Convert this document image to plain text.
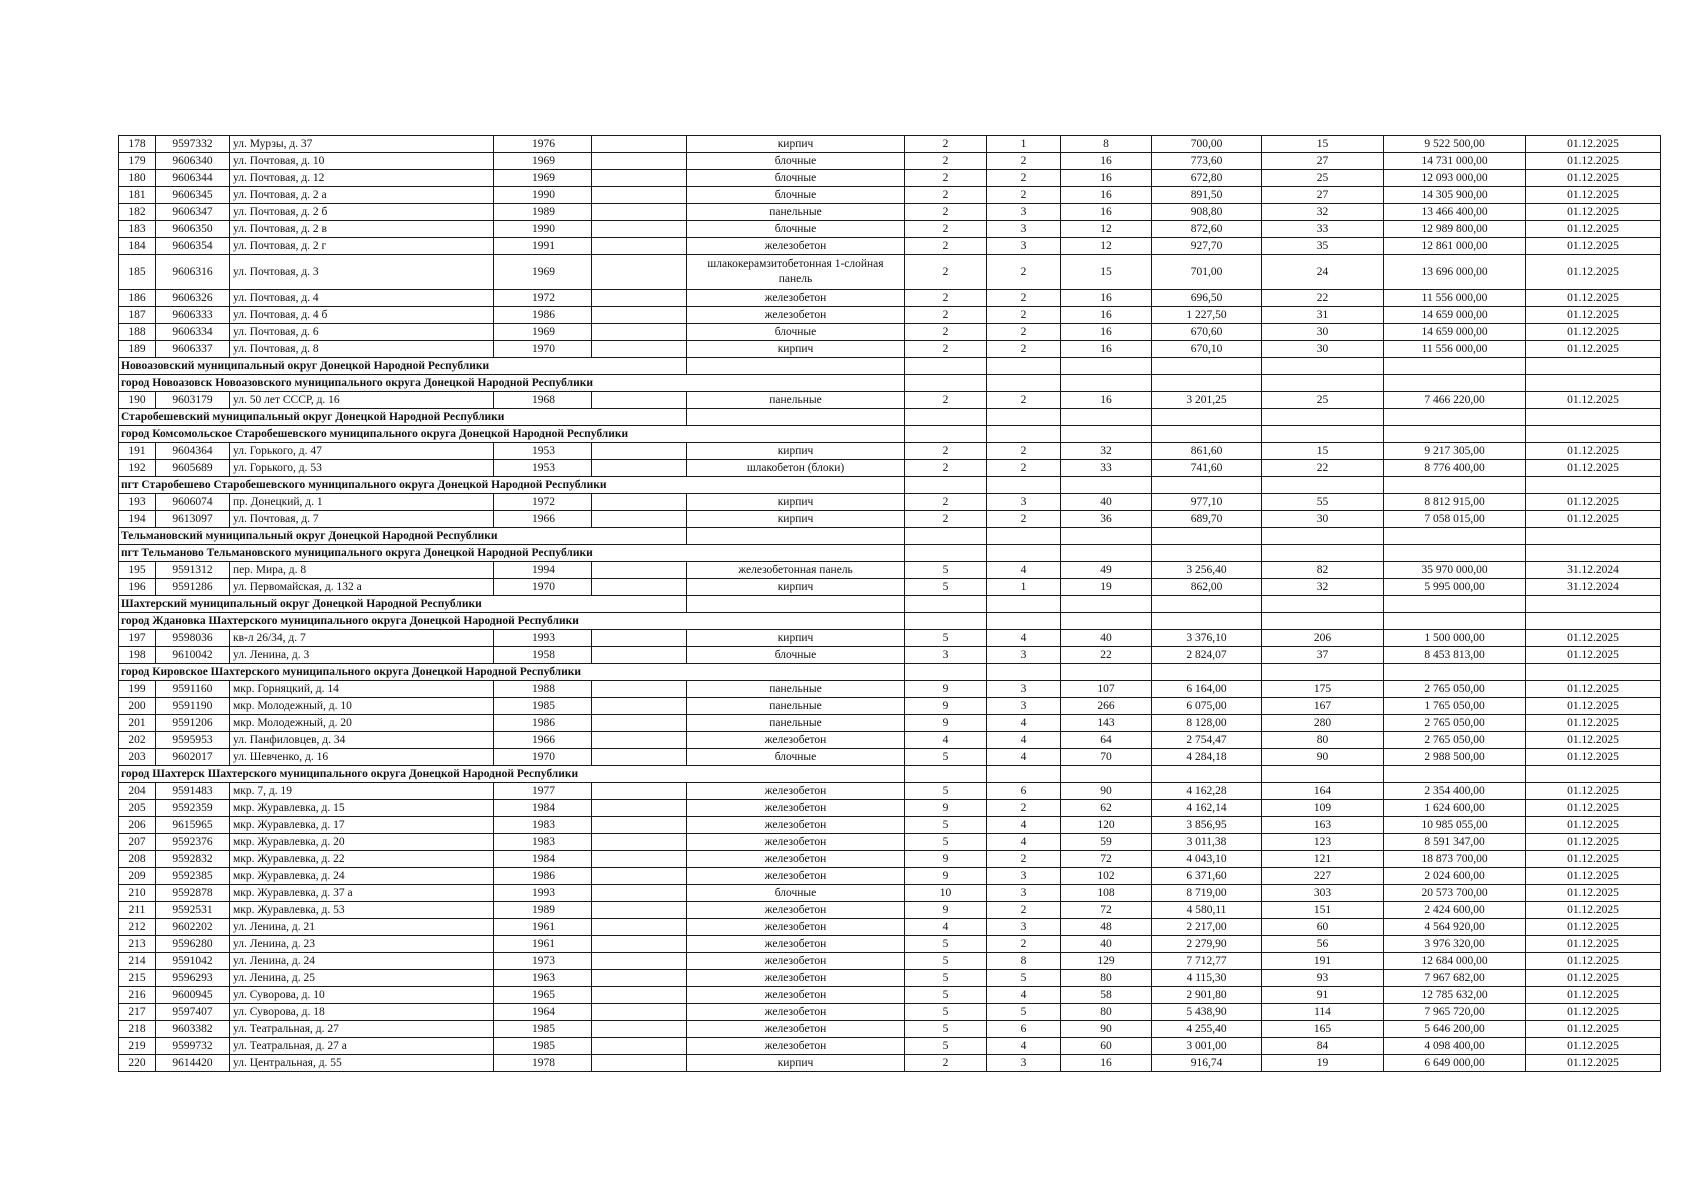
178	9597332	ул. Мурзы, д. 37	1976		кирпич	2	1	8	700,00	15	9 522 500,00	01.12.2025
179	9606340	ул. Почтовая, д. 10	1969		блочные	2	2	16	773,60	27	14 731 000,00	01.12.2025
180	9606344	ул. Почтовая, д. 12	1969		блочные	2	2	16	672,80	25	12 093 000,00	01.12.2025
181	9606345	ул. Почтовая, д. 2 а	1990		блочные	2	2	16	891,50	27	14 305 900,00	01.12.2025
182	9606347	ул. Почтовая, д. 2 б	1989		панельные	2	3	16	908,80	32	13 466 400,00	01.12.2025
183	9606350	ул. Почтовая, д. 2 в	1990		блочные	2	3	12	872,60	33	12 989 800,00	01.12.2025
184	9606354	ул. Почтовая, д. 2 г	1991		железобетон	2	3	12	927,70	35	12 861 000,00	01.12.2025
185	9606316	ул. Почтовая, д. 3	1969		шлакокерамзитобетонная 1-слойная панель	2	2	15	701,00	24	13 696 000,00	01.12.2025
186	9606326	ул. Почтовая, д. 4	1972		железобетон	2	2	16	696,50	22	11 556 000,00	01.12.2025
187	9606333	ул. Почтовая, д. 4 б	1986		железобетон	2	2	16	1 227,50	31	14 659 000,00	01.12.2025
188	9606334	ул. Почтовая, д. 6	1969		блочные	2	2	16	670,60	30	14 659 000,00	01.12.2025
189	9606337	ул. Почтовая, д. 8	1970		кирпич	2	2	16	670,10	30	11 556 000,00	01.12.2025
Новоазовский муниципальный округ Донецкой Народной Республики												
город Новоазовск Новоазовского муниципального округа Донецкой Народной Республики												
190	9603179	ул. 50 лет СССР, д. 16	1968		панельные	2	2	16	3 201,25	25	7 466 220,00	01.12.2025
Старобешевский муниципальный округ Донецкой Народной Республики												
город Комсомольское Старобешевского муниципального округа Донецкой Народной Республики												
191	9604364	ул. Горького, д. 47	1953		кирпич	2	2	32	861,60	15	9 217 305,00	01.12.2025
192	9605689	ул. Горького, д. 53	1953		шлакобетон (блоки)	2	2	33	741,60	22	8 776 400,00	01.12.2025
пгт Старобешево Старобешевского муниципального округа Донецкой Народной Республики												
193	9606074	пр. Донецкий, д. 1	1972		кирпич	2	3	40	977,10	55	8 812 915,00	01.12.2025
194	9613097	ул. Почтовая, д. 7	1966		кирпич	2	2	36	689,70	30	7 058 015,00	01.12.2025
Тельмановский муниципальный округ Донецкой Народной Республики												
пгт Тельманово Тельмановского муниципального округа Донецкой Народной Республики												
195	9591312	пер. Мира, д. 8	1994		железобетонная панель	5	4	49	3 256,40	82	35 970 000,00	31.12.2024
196	9591286	ул. Первомайская, д. 132 а	1970		кирпич	5	1	19	862,00	32	5 995 000,00	31.12.2024
Шахтерский муниципальный округ Донецкой Народной Республики												
город Ждановка Шахтерского муниципального округа Донецкой Народной Республики												
197	9598036	кв-л 26/34, д. 7	1993		кирпич	5	4	40	3 376,10	206	1 500 000,00	01.12.2025
198	9610042	ул. Ленина, д. 3	1958		блочные	3	3	22	2 824,07	37	8 453 813,00	01.12.2025
город Кировское Шахтерского муниципального округа Донецкой Народной Республики												
199	9591160	мкр. Горняцкий, д. 14	1988		панельные	9	3	107	6 164,00	175	2 765 050,00	01.12.2025
200	9591190	мкр. Молодежный, д. 10	1985		панельные	9	3	266	6 075,00	167	1 765 050,00	01.12.2025
201	9591206	мкр. Молодежный, д. 20	1986		панельные	9	4	143	8 128,00	280	2 765 050,00	01.12.2025
202	9595953	ул. Панфиловцев, д. 34	1966		железобетон	4	4	64	2 754,47	80	2 765 050,00	01.12.2025
203	9602017	ул. Шевченко, д. 16	1970		блочные	5	4	70	4 284,18	90	2 988 500,00	01.12.2025
город Шахтерск Шахтерского муниципального округа Донецкой Народной Республики												
204	9591483	мкр. 7, д. 19	1977		железобетон	5	6	90	4 162,28	164	2 354 400,00	01.12.2025
205	9592359	мкр. Журавлевка, д. 15	1984		железобетон	9	2	62	4 162,14	109	1 624 600,00	01.12.2025
206	9615965	мкр. Журавлевка, д. 17	1983		железобетон	5	4	120	3 856,95	163	10 985 055,00	01.12.2025
207	9592376	мкр. Журавлевка, д. 20	1983		железобетон	5	4	59	3 011,38	123	8 591 347,00	01.12.2025
208	9592832	мкр. Журавлевка, д. 22	1984		железобетон	9	2	72	4 043,10	121	18 873 700,00	01.12.2025
209	9592385	мкр. Журавлевка, д. 24	1986		железобетон	9	3	102	6 371,60	227	2 024 600,00	01.12.2025
210	9592878	мкр. Журавлевка, д. 37 а	1993		блочные	10	3	108	8 719,00	303	20 573 700,00	01.12.2025
211	9592531	мкр. Журавлевка, д. 53	1989		железобетон	9	2	72	4 580,11	151	2 424 600,00	01.12.2025
212	9602202	ул. Ленина, д. 21	1961		железобетон	4	3	48	2 217,00	60	4 564 920,00	01.12.2025
213	9596280	ул. Ленина, д. 23	1961		железобетон	5	2	40	2 279,90	56	3 976 320,00	01.12.2025
214	9591042	ул. Ленина, д. 24	1973		железобетон	5	8	129	7 712,77	191	12 684 000,00	01.12.2025
215	9596293	ул. Ленина, д. 25	1963		железобетон	5	5	80	4 115,30	93	7 967 682,00	01.12.2025
216	9600945	ул. Суворова, д. 10	1965		железобетон	5	4	58	2 901,80	91	12 785 632,00	01.12.2025
217	9597407	ул. Суворова, д. 18	1964		железобетон	5	5	80	5 438,90	114	7 965 720,00	01.12.2025
218	9603382	ул. Театральная, д. 27	1985		железобетон	5	6	90	4 255,40	165	5 646 200,00	01.12.2025
219	9599732	ул. Театральная, д. 27 а	1985		железобетон	5	4	60	3 001,00	84	4 098 400,00	01.12.2025
220	9614420	ул. Центральная, д. 55	1978		кирпич	2	3	16	916,74	19	6 649 000,00	01.12.2025
